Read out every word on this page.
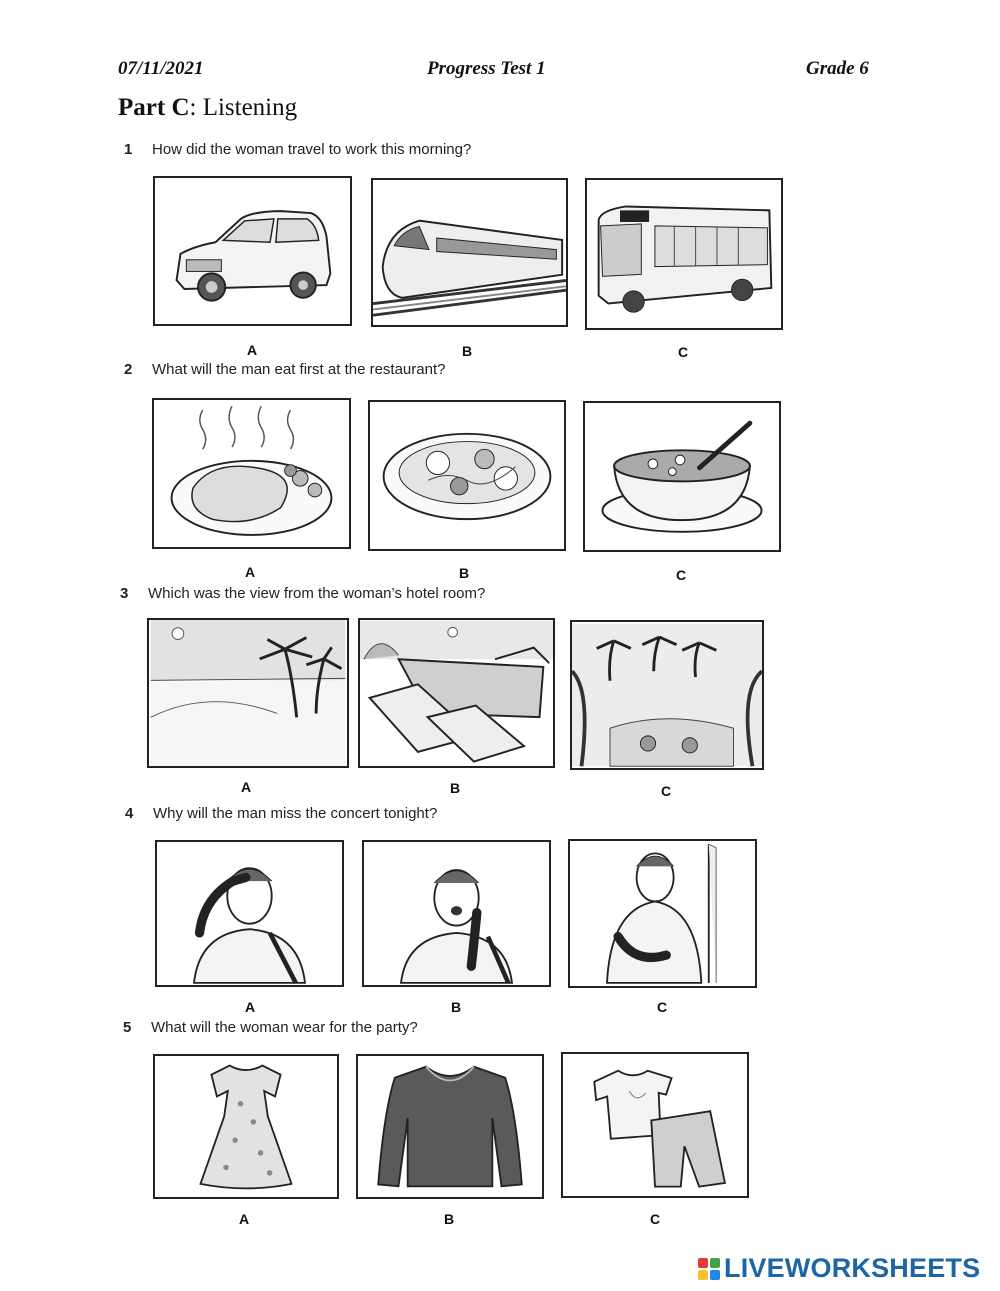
07/11/2021	Progress Test 1	Grade 6
Part C: Listening
1 How did the woman travel to work this morning?
A	B	C
2 What will the man eat first at the restaurant?
A	B	C
3 Which was the view from the woman’s hotel room?
A	B	C
4 Why will the man miss the concert tonight?
A	B	C
5 What will the woman wear for the party?
A	B	C
LIVEWORKSHEETS
